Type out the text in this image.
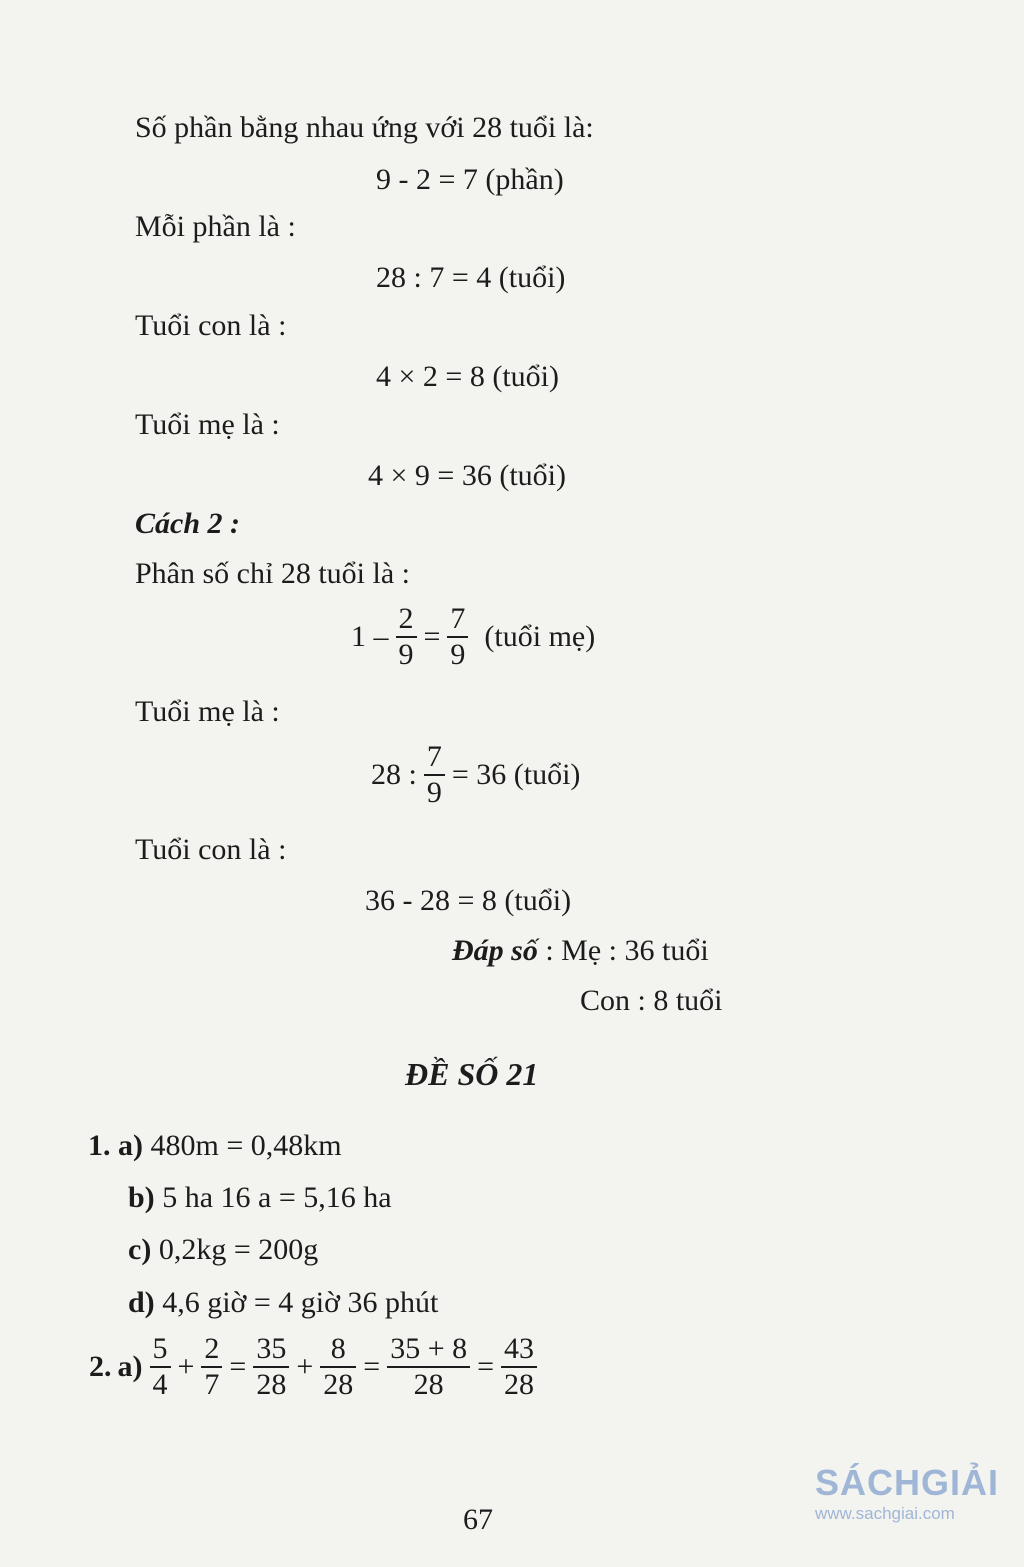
Số phần bằng nhau ứng với 28 tuổi là:
9 - 2 = 7 (phần)
Mỗi phần là :
28 : 7 = 4 (tuổi)
Tuổi con là :
4 × 2 = 8 (tuổi)
Tuổi mẹ là :
4 × 9 = 36 (tuổi)
Cách 2 :
Phân số chỉ 28 tuổi là :
$1 - \frac{2}{9} = \frac{7}{9}$ (tuổi mẹ)
Tuổi mẹ là :
28 : $\frac{7}{9} = 36$ (tuổi)
Tuổi con là :
36 - 28 = 8 (tuổi)
Đáp số : Mẹ : 36 tuổi
Con : 8 tuổi
ĐỀ SỐ 21
1. a) 480m = 0,48km
b) 5 ha 16 a = 5,16 ha
c) 0,2kg = 200g
d) 4,6 giờ = 4 giờ 36 phút
2. $a) \frac{5}{4} + \frac{2}{7} = \frac{35}{28} + \frac{8}{28} = \frac{35 + 8}{28} = \frac{43}{28}$
67
SÁCHGIẢI
www.sachgiai.com
